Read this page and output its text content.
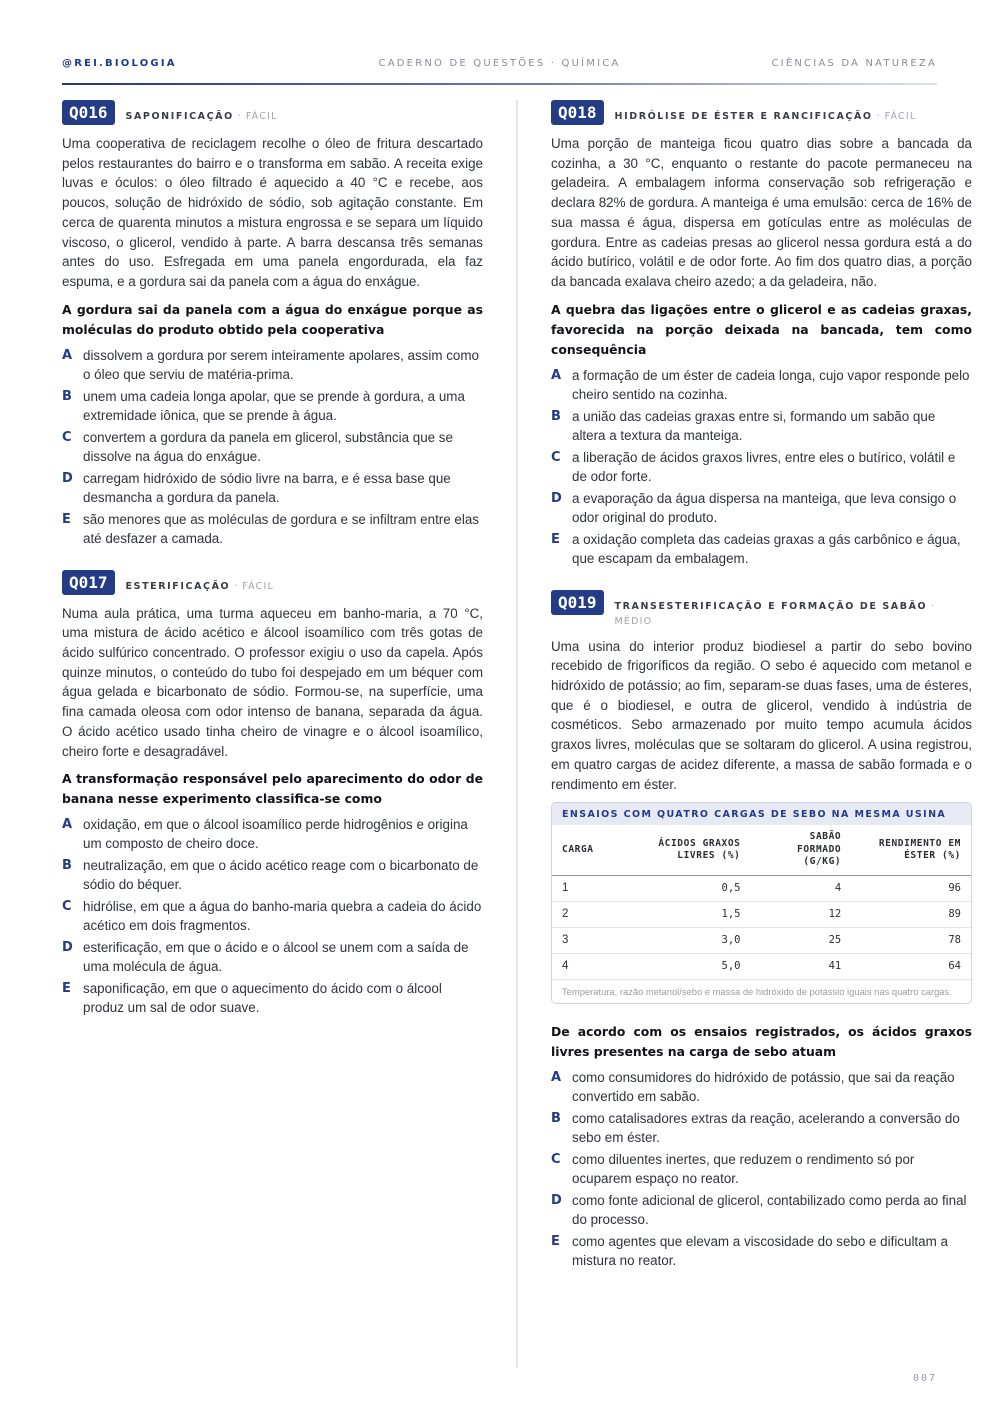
@REI.BIOLOGIA	CADERNO DE QUESTÕES · QUÍMICA	CIÊNCIAS DA NATUREZA
Q016	SAPONIFICAÇÃO · FÁCIL

Uma cooperativa de reciclagem recolhe o óleo de fritura descartado pelos restaurantes do bairro e o transforma em sabão. A receita exige luvas e óculos: o óleo filtrado é aquecido a 40 °C e recebe, aos poucos, solução de hidróxido de sódio, sob agitação constante. Em cerca de quarenta minutos a mistura engrossa e se separa um líquido viscoso, o glicerol, vendido à parte. A barra descansa três semanas antes do uso. Esfregada em uma panela engordurada, ela faz espuma, e a gordura sai da panela com a água do enxágue.

A gordura sai da panela com a água do enxágue porque as moléculas do produto obtido pela cooperativa

A dissolvem a gordura por serem inteiramente apolares, assim como o óleo que serviu de matéria-prima.
B unem uma cadeia longa apolar, que se prende à gordura, a uma extremidade iônica, que se prende à água.
C convertem a gordura da panela em glicerol, substância que se dissolve na água do enxágue.
D carregam hidróxido de sódio livre na barra, e é essa base que desmancha a gordura da panela.
E são menores que as moléculas de gordura e se infiltram entre elas até desfazer a camada.
Q017	ESTERIFICAÇÃO · FÁCIL

Numa aula prática, uma turma aqueceu em banho-maria, a 70 °C, uma mistura de ácido acético e álcool isoamílico com três gotas de ácido sulfúrico concentrado. O professor exigiu o uso da capela. Após quinze minutos, o conteúdo do tubo foi despejado em um béquer com água gelada e bicarbonato de sódio. Formou-se, na superfície, uma fina camada oleosa com odor intenso de banana, separada da água. O ácido acético usado tinha cheiro de vinagre e o álcool isoamílico, cheiro forte e desagradável.

A transformação responsável pelo aparecimento do odor de banana nesse experimento classifica-se como

A oxidação, em que o álcool isoamílico perde hidrogênios e origina um composto de cheiro doce.
B neutralização, em que o ácido acético reage com o bicarbonato de sódio do béquer.
C hidrólise, em que a água do banho-maria quebra a cadeia do ácido acético em dois fragmentos.
D esterificação, em que o ácido e o álcool se unem com a saída de uma molécula de água.
E saponificação, em que o aquecimento do ácido com o álcool produz um sal de odor suave.
Q018	HIDRÓLISE DE ÉSTER E RANCIFICAÇÃO · FÁCIL

Uma porção de manteiga ficou quatro dias sobre a bancada da cozinha, a 30 °C, enquanto o restante do pacote permaneceu na geladeira. A embalagem informa conservação sob refrigeração e declara 82% de gordura. A manteiga é uma emulsão: cerca de 16% de sua massa é água, dispersa em gotículas entre as moléculas de gordura. Entre as cadeias presas ao glicerol nessa gordura está a do ácido butírico, volátil e de odor forte. Ao fim dos quatro dias, a porção da bancada exalava cheiro azedo; a da geladeira, não.

A quebra das ligações entre o glicerol e as cadeias graxas, favorecida na porção deixada na bancada, tem como consequência

A a formação de um éster de cadeia longa, cujo vapor responde pelo cheiro sentido na cozinha.
B a união das cadeias graxas entre si, formando um sabão que altera a textura da manteiga.
C a liberação de ácidos graxos livres, entre eles o butírico, volátil e de odor forte.
D a evaporação da água dispersa na manteiga, que leva consigo o odor original do produto.
E a oxidação completa das cadeias graxas a gás carbônico e água, que escapam da embalagem.
Q019	TRANSESTERIFICAÇÃO E FORMAÇÃO DE SABÃO ·
MÉDIO

Uma usina do interior produz biodiesel a partir do sebo bovino recebido de frigoríficos da região. O sebo é aquecido com metanol e hidróxido de potássio; ao fim, separam-se duas fases, uma de ésteres, que é o biodiesel, e outra de glicerol, vendido à indústria de cosméticos. Sebo armazenado por muito tempo acumula ácidos graxos livres, moléculas que se soltaram do glicerol. A usina registrou, em quatro cargas de acidez diferente, a massa de sabão formada e o rendimento em éster.

ENSAIOS COM QUATRO CARGAS DE SEBO NA MESMA USINA
CARGA	ÁCIDOS GRAXOS LIVRES (%)	SABÃO FORMADO (G/KG)	RENDIMENTO EM ÉSTER (%)
1	0,5	4	96
2	1,5	12	89
3	3,0	25	78
4	5,0	41	64
Temperatura, razão metanol/sebo e massa de hidróxido de potássio iguais nas quatro cargas.

De acordo com os ensaios registrados, os ácidos graxos livres presentes na carga de sebo atuam

A como consumidores do hidróxido de potássio, que sai da reação convertido em sabão.
B como catalisadores extras da reação, acelerando a conversão do sebo em éster.
C como diluentes inertes, que reduzem o rendimento só por ocuparem espaço no reator.
D como fonte adicional de glicerol, contabilizado como perda ao final do processo.
E como agentes que elevam a viscosidade do sebo e dificultam a mistura no reator.
007
